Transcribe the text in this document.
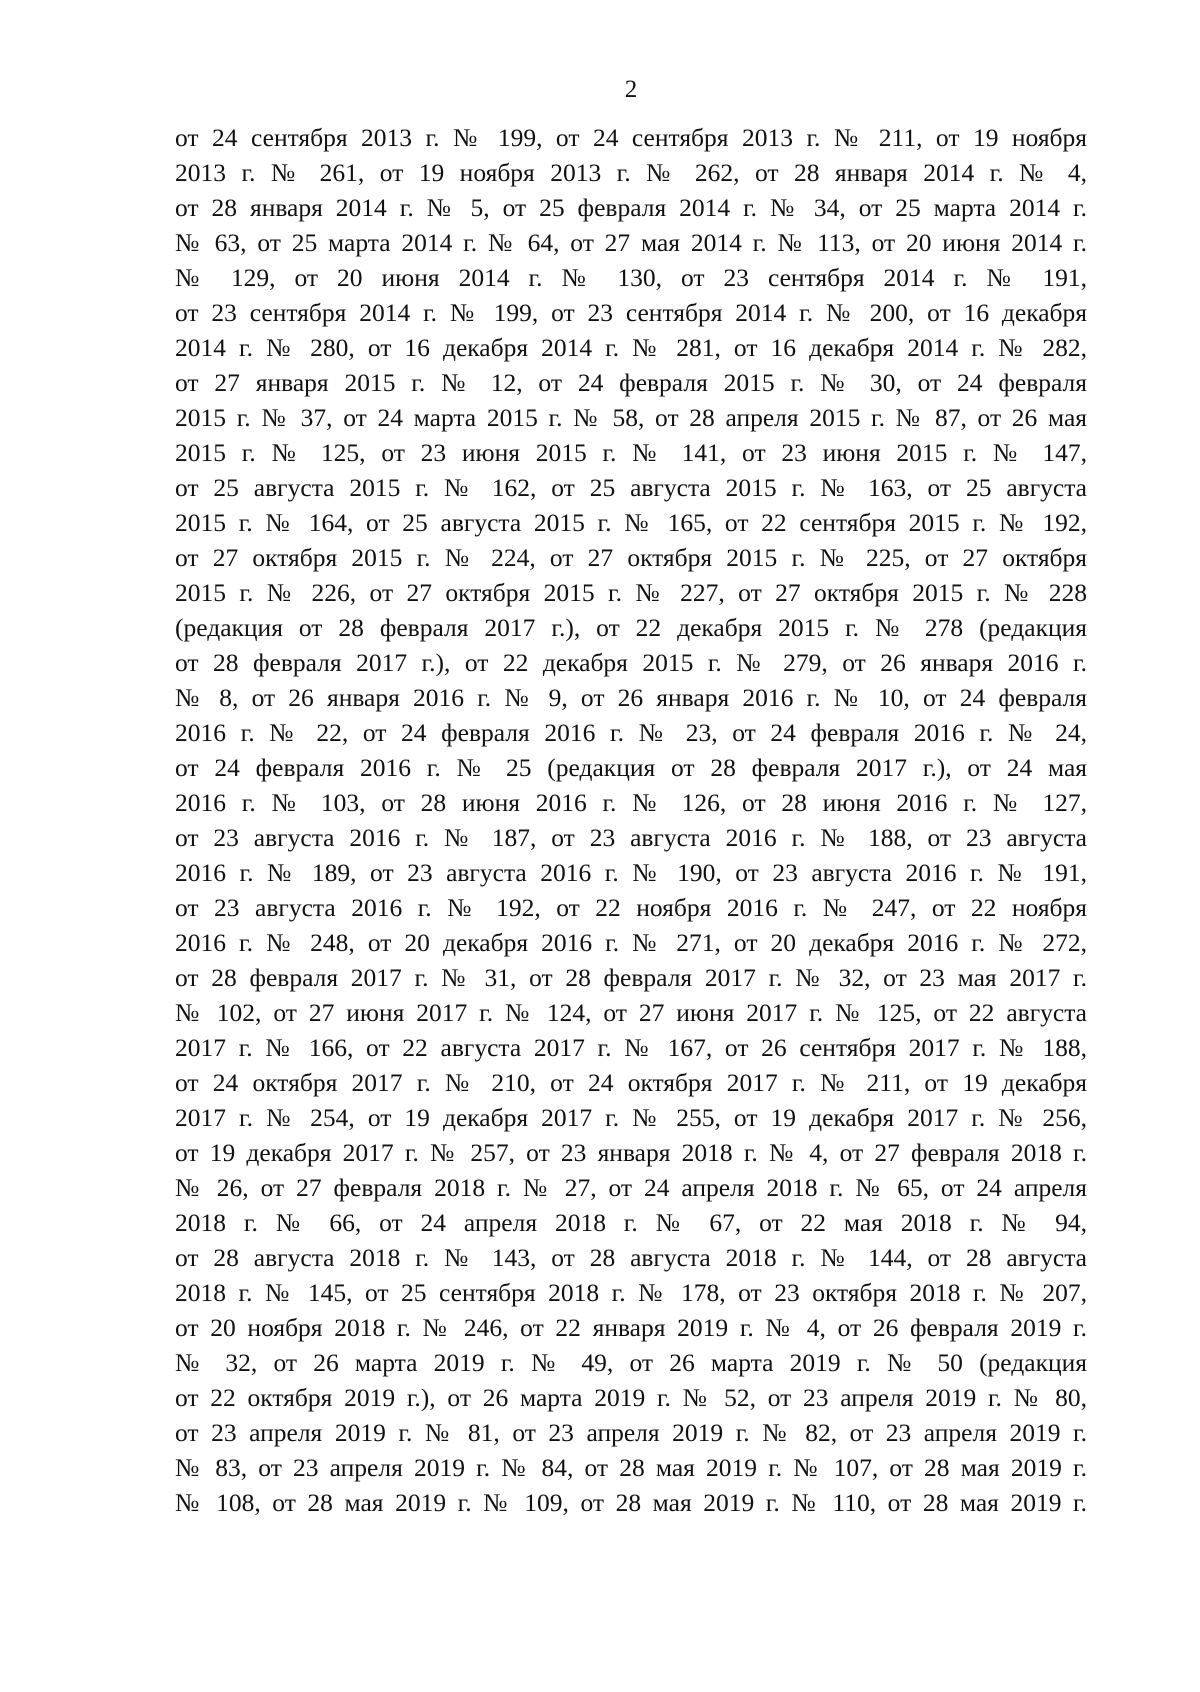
2
от 24 сентября 2013 г. № 199, от 24 сентября 2013 г. № 211, от 19 ноября
2013 г. № 261, от 19 ноября 2013 г. № 262, от 28 января 2014 г. № 4,
от 28 января 2014 г. № 5, от 25 февраля 2014 г. № 34, от 25 марта 2014 г.
№ 63, от 25 марта 2014 г. № 64, от 27 мая 2014 г. № 113, от 20 июня 2014 г.
№ 129, от 20 июня 2014 г. № 130, от 23 сентября 2014 г. № 191,
от 23 сентября 2014 г. № 199, от 23 сентября 2014 г. № 200, от 16 декабря
2014 г. № 280, от 16 декабря 2014 г. № 281, от 16 декабря 2014 г. № 282,
от 27 января 2015 г. № 12, от 24 февраля 2015 г. № 30, от 24 февраля
2015 г. № 37, от 24 марта 2015 г. № 58, от 28 апреля 2015 г. № 87, от 26 мая
2015 г. № 125, от 23 июня 2015 г. № 141, от 23 июня 2015 г. № 147,
от 25 августа 2015 г. № 162, от 25 августа 2015 г. № 163, от 25 августа
2015 г. № 164, от 25 августа 2015 г. № 165, от 22 сентября 2015 г. № 192,
от 27 октября 2015 г. № 224, от 27 октября 2015 г. № 225, от 27 октября
2015 г. № 226, от 27 октября 2015 г. № 227, от 27 октября 2015 г. № 228
(редакция от 28 февраля 2017 г.), от 22 декабря 2015 г. № 278 (редакция
от 28 февраля 2017 г.), от 22 декабря 2015 г. № 279, от 26 января 2016 г.
№ 8, от 26 января 2016 г. № 9, от 26 января 2016 г. № 10, от 24 февраля
2016 г. № 22, от 24 февраля 2016 г. № 23, от 24 февраля 2016 г. № 24,
от 24 февраля 2016 г. № 25 (редакция от 28 февраля 2017 г.), от 24 мая
2016 г. № 103, от 28 июня 2016 г. № 126, от 28 июня 2016 г. № 127,
от 23 августа 2016 г. № 187, от 23 августа 2016 г. № 188, от 23 августа
2016 г. № 189, от 23 августа 2016 г. № 190, от 23 августа 2016 г. № 191,
от 23 августа 2016 г. № 192, от 22 ноября 2016 г. № 247, от 22 ноября
2016 г. № 248, от 20 декабря 2016 г. № 271, от 20 декабря 2016 г. № 272,
от 28 февраля 2017 г. № 31, от 28 февраля 2017 г. № 32, от 23 мая 2017 г.
№ 102, от 27 июня 2017 г. № 124, от 27 июня 2017 г. № 125, от 22 августа
2017 г. № 166, от 22 августа 2017 г. № 167, от 26 сентября 2017 г. № 188,
от 24 октября 2017 г. № 210, от 24 октября 2017 г. № 211, от 19 декабря
2017 г. № 254, от 19 декабря 2017 г. № 255, от 19 декабря 2017 г. № 256,
от 19 декабря 2017 г. № 257, от 23 января 2018 г. № 4, от 27 февраля 2018 г.
№ 26, от 27 февраля 2018 г. № 27, от 24 апреля 2018 г. № 65, от 24 апреля
2018 г. № 66, от 24 апреля 2018 г. № 67, от 22 мая 2018 г. № 94,
от 28 августа 2018 г. № 143, от 28 августа 2018 г. № 144, от 28 августа
2018 г. № 145, от 25 сентября 2018 г. № 178, от 23 октября 2018 г. № 207,
от 20 ноября 2018 г. № 246, от 22 января 2019 г. № 4, от 26 февраля 2019 г.
№ 32, от 26 марта 2019 г. № 49, от 26 марта 2019 г. № 50 (редакция
от 22 октября 2019 г.), от 26 марта 2019 г. № 52, от 23 апреля 2019 г. № 80,
от 23 апреля 2019 г. № 81, от 23 апреля 2019 г. № 82, от 23 апреля 2019 г.
№ 83, от 23 апреля 2019 г. № 84, от 28 мая 2019 г. № 107, от 28 мая 2019 г.
№ 108, от 28 мая 2019 г. № 109, от 28 мая 2019 г. № 110, от 28 мая 2019 г.
